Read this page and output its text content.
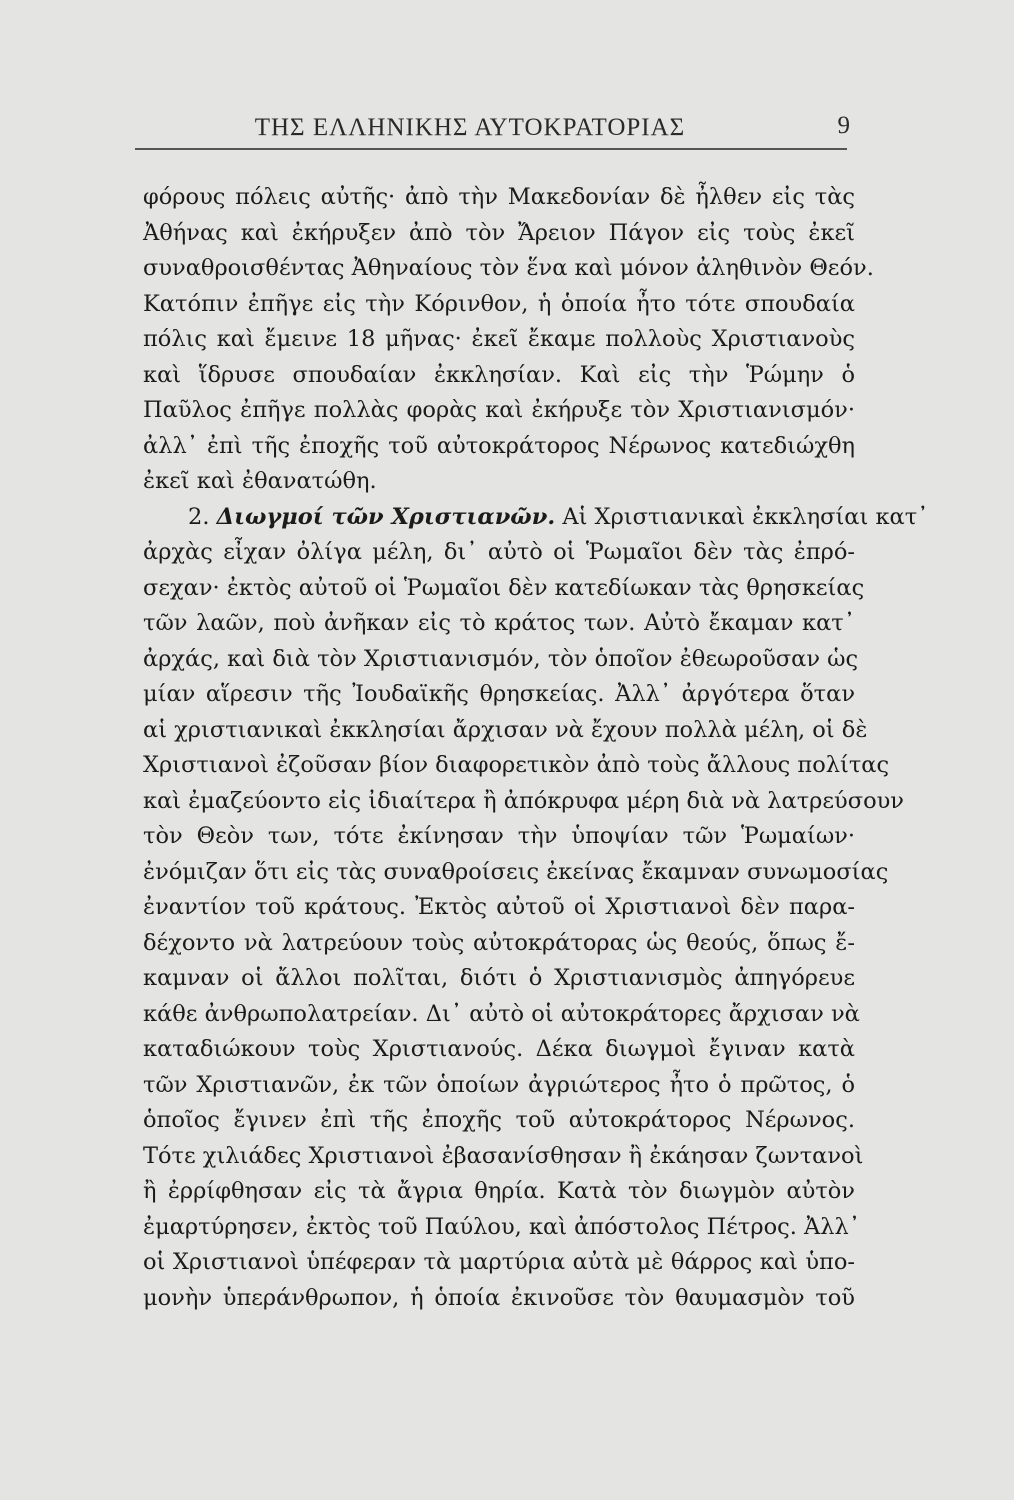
ΤΗΣ ΕΛΛΗΝΙΚΗΣ ΑΥΤΟΚΡΑΤΟΡΙΑΣ	9
φόρους πόλεις αὐτῆς· ἀπὸ τὴν Μακεδονίαν δὲ ἦλθεν εἰς τὰς
Ἀθήνας καὶ ἐκήρυξεν ἀπὸ τὸν Ἄρειον Πάγον εἰς τοὺς ἐκεῖ
συναθροισθέντας Ἀθηναίους τὸν ἕνα καὶ μόνον ἀληθινὸν Θεόν.
Κατόπιν ἐπῆγε εἰς τὴν Κόρινθον, ἡ ὁποία ἦτο τότε σπουδαία
πόλις καὶ ἔμεινε 18 μῆνας· ἐκεῖ ἔκαμε πολλοὺς Χριστιανοὺς
καὶ ἵδρυσε σπουδαίαν ἐκκλησίαν. Καὶ εἰς τὴν Ῥώμην ὁ
Παῦλος ἐπῆγε πολλὰς φορὰς καὶ ἐκήρυξε τὸν Χριστιανισμόν·
ἀλλ᾿ ἐπὶ τῆς ἐποχῆς τοῦ αὐτοκράτορος Νέρωνος κατεδιώχθη
ἐκεῖ καὶ ἐθανατώθη.
2. Διωγμοί τῶν Χριστιανῶν. Αἱ Χριστιανικαὶ ἐκκλησίαι κατ᾿
ἀρχὰς εἶχαν ὀλίγα μέλη, δι᾿ αὐτὸ οἱ Ῥωμαῖοι δὲν τὰς ἐπρό-
σεχαν· ἐκτὸς αὐτοῦ οἱ Ῥωμαῖοι δὲν κατεδίωκαν τὰς θρησκείας
τῶν λαῶν, ποὺ ἀνῆκαν εἰς τὸ κράτος των. Αὐτὸ ἔκαμαν κατ᾿
ἀρχάς, καὶ διὰ τὸν Χριστιανισμόν, τὸν ὁποῖον ἐθεωροῦσαν ὡς
μίαν αἵρεσιν τῆς Ἰουδαϊκῆς θρησκείας. Ἀλλ᾿ ἀργότερα ὅταν
αἱ χριστιανικαὶ ἐκκλησίαι ἄρχισαν νὰ ἔχουν πολλὰ μέλη, οἱ δὲ
Χριστιανοὶ ἐζοῦσαν βίον διαφορετικὸν ἀπὸ τοὺς ἄλλους πολίτας
καὶ ἐμαζεύοντο εἰς ἰδιαίτερα ἢ ἀπόκρυφα μέρη διὰ νὰ λατρεύσουν
τὸν Θεὸν των, τότε ἐκίνησαν τὴν ὑποψίαν τῶν Ῥωμαίων·
ἐνόμιζαν ὅτι εἰς τὰς συναθροίσεις ἐκείνας ἔκαμναν συνωμοσίας
ἐναντίον τοῦ κράτους. Ἐκτὸς αὐτοῦ οἱ Χριστιανοὶ δὲν παρα-
δέχοντο νὰ λατρεύουν τοὺς αὐτοκράτορας ὡς θεούς, ὅπως ἔ-
καμναν οἱ ἄλλοι πολῖται, διότι ὁ Χριστιανισμὸς ἀπηγόρευε
κάθε ἀνθρωπολατρείαν. Δι᾿ αὐτὸ οἱ αὐτοκράτορες ἄρχισαν νὰ
καταδιώκουν τοὺς Χριστιανούς. Δέκα διωγμοὶ ἔγιναν κατὰ
τῶν Χριστιανῶν, ἐκ τῶν ὁποίων ἀγριώτερος ἦτο ὁ πρῶτος, ὁ
ὁποῖος ἔγινεν ἐπὶ τῆς ἐποχῆς τοῦ αὐτοκράτορος Νέρωνος.
Τότε χιλιάδες Χριστιανοὶ ἐβασανίσθησαν ἢ ἐκάησαν ζωντανοὶ
ἢ ἐρρίφθησαν εἰς τὰ ἄγρια θηρία. Κατὰ τὸν διωγμὸν αὐτὸν
ἐμαρτύρησεν, ἐκτὸς τοῦ Παύλου, καὶ ἀπόστολος Πέτρος. Ἀλλ᾿
οἱ Χριστιανοὶ ὑπέφεραν τὰ μαρτύρια αὐτὰ μὲ θάρρος καὶ ὑπο-
μονὴν ὑπεράνθρωπον, ἡ ὁποία ἐκινοῦσε τὸν θαυμασμὸν τοῦ
